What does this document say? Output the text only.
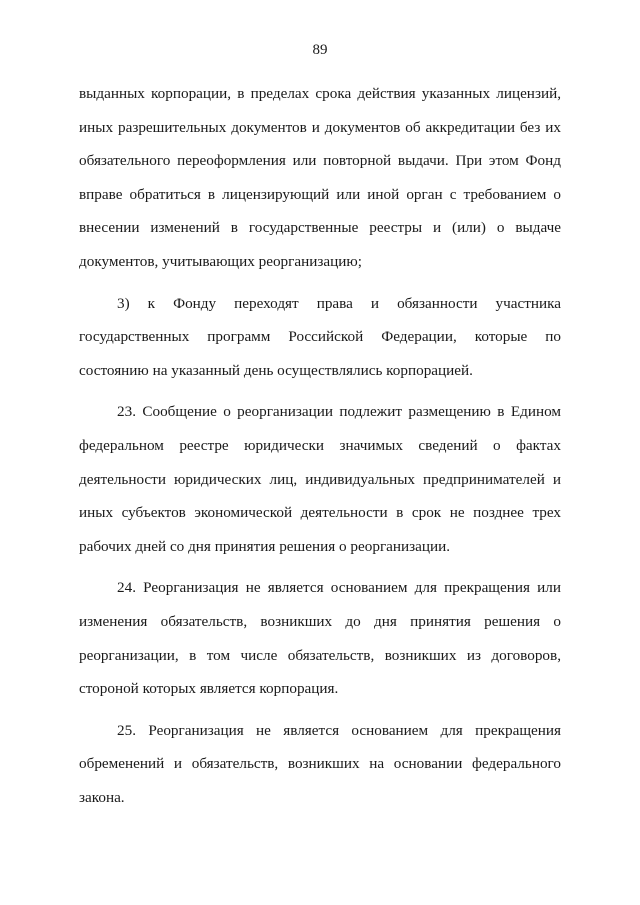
89

выданных корпорации, в пределах срока действия указанных лицензий, иных разрешительных документов и документов об аккредитации без их обязательного переоформления или повторной выдачи. При этом Фонд вправе обратиться в лицензирующий или иной орган с требованием о внесении изменений в государственные реестры и (или) о выдаче документов, учитывающих реорганизацию;

3) к Фонду переходят права и обязанности участника государственных программ Российской Федерации, которые по состоянию на указанный день осуществлялись корпорацией.

23. Сообщение о реорганизации подлежит размещению в Едином федеральном реестре юридически значимых сведений о фактах деятельности юридических лиц, индивидуальных предпринимателей и иных субъектов экономической деятельности в срок не позднее трех рабочих дней со дня принятия решения о реорганизации.

24. Реорганизация не является основанием для прекращения или изменения обязательств, возникших до дня принятия решения о реорганизации, в том числе обязательств, возникших из договоров, стороной которых является корпорация.

25. Реорганизация не является основанием для прекращения обременений и обязательств, возникших на основании федерального закона.
